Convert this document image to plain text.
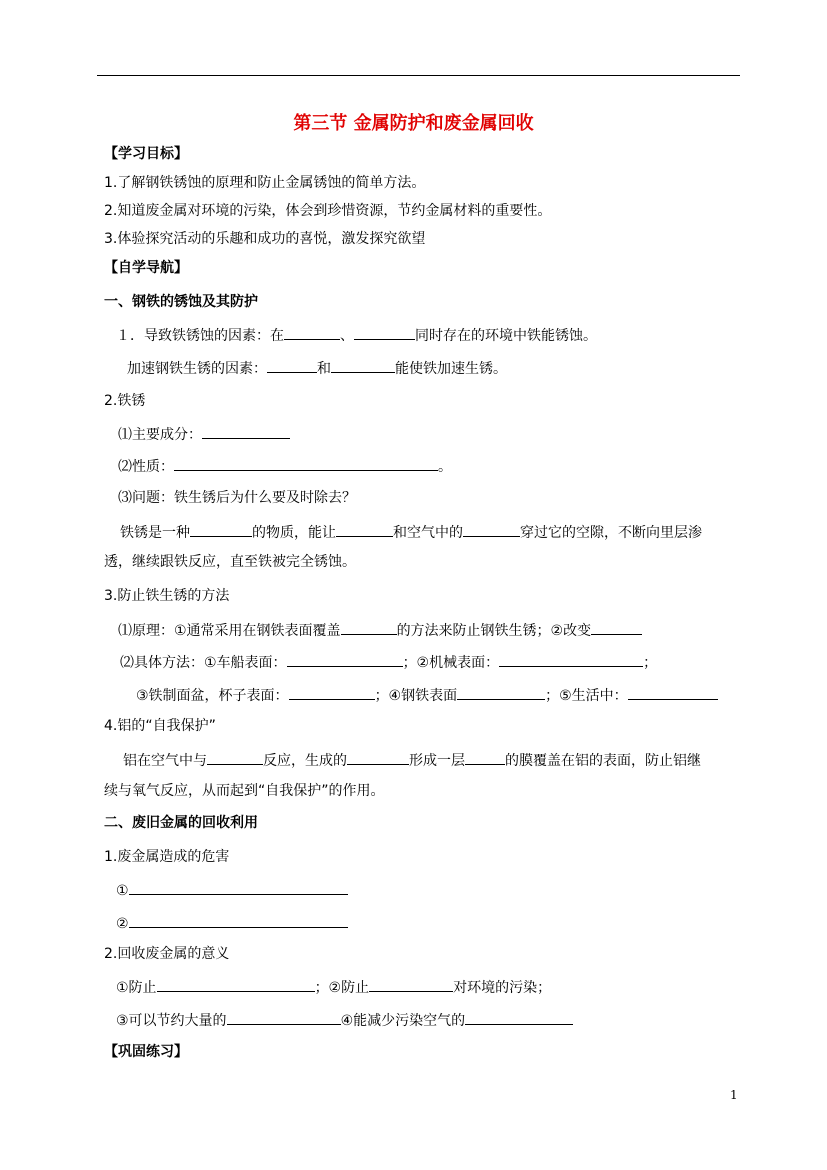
第三节 金属防护和废金属回收
【学习目标】
1.了解钢铁锈蚀的原理和防止金属锈蚀的简单方法。
2.知道废金属对环境的污染，体会到珍惜资源，节约金属材料的重要性。
3.体验探究活动的乐趣和成功的喜悦，激发探究欲望
【自学导航】
一、钢铁的锈蚀及其防护
１．导致铁锈蚀的因素：在	、	同时存在的环境中铁能锈蚀。
加速钢铁生锈的因素：	和	能使铁加速生锈。
2.铁锈
⑴主要成分：
⑵性质：	。
⑶问题：铁生锈后为什么要及时除去？
铁锈是一种	的物质，能让	和空气中的	穿过它的空隙，不断向里层渗
透，继续跟铁反应，直至铁被完全锈蚀。
3.防止铁生锈的方法
⑴原理：①通常采用在钢铁表面覆盖	的方法来防止钢铁生锈；②改变
⑵具体方法：①车船表面：	；②机械表面：	；
③铁制面盆，杯子表面：	；④钢铁表面	；⑤生活中：
4.铝的“自我保护”
铝在空气中与	反应，生成的	形成一层	的膜覆盖在铝的表面，防止铝继
续与氧气反应，从而起到“自我保护”的作用。
二、废旧金属的回收利用
1.废金属造成的危害
①
②
2.回收废金属的意义
①防止	；②防止	对环境的污染；
③可以节约大量的	④能减少污染空气的
【巩固练习】
1
